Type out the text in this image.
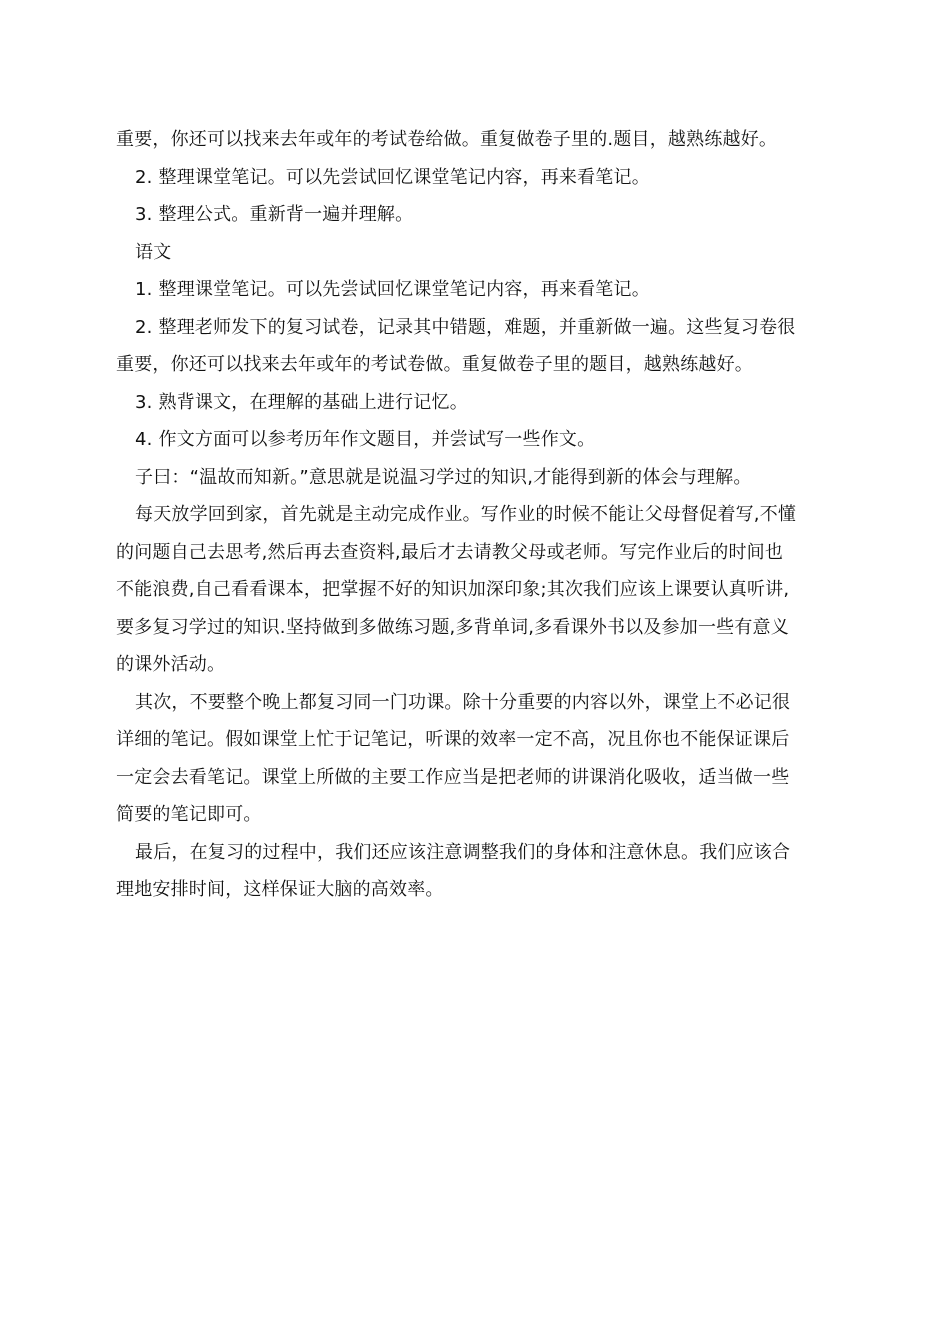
重要，你还可以找来去年或年的考试卷给做。重复做卷子里的.题目，越熟练越好。

2. 整理课堂笔记。可以先尝试回忆课堂笔记内容，再来看笔记。

3. 整理公式。重新背一遍并理解。

语文

1. 整理课堂笔记。可以先尝试回忆课堂笔记内容，再来看笔记。

2. 整理老师发下的复习试卷，记录其中错题，难题，并重新做一遍。这些复习卷很

重要，你还可以找来去年或年的考试卷做。重复做卷子里的题目，越熟练越好。

3. 熟背课文，在理解的基础上进行记忆。

4. 作文方面可以参考历年作文题目，并尝试写一些作文。

子曰：“温故而知新。”意思就是说温习学过的知识,才能得到新的体会与理解。

每天放学回到家，首先就是主动完成作业。写作业的时候不能让父母督促着写,不懂

的问题自己去思考,然后再去查资料,最后才去请教父母或老师。写完作业后的时间也

不能浪费,自己看看课本，把掌握不好的知识加深印象;其次我们应该上课要认真听讲,

要多复习学过的知识.坚持做到多做练习题,多背单词,多看课外书以及参加一些有意义

的课外活动。

其次，不要整个晚上都复习同一门功课。除十分重要的内容以外，课堂上不必记很

详细的笔记。假如课堂上忙于记笔记，听课的效率一定不高，况且你也不能保证课后

一定会去看笔记。课堂上所做的主要工作应当是把老师的讲课消化吸收，适当做一些

简要的笔记即可。

最后，在复习的过程中，我们还应该注意调整我们的身体和注意休息。我们应该合

理地安排时间，这样保证大脑的高效率。
